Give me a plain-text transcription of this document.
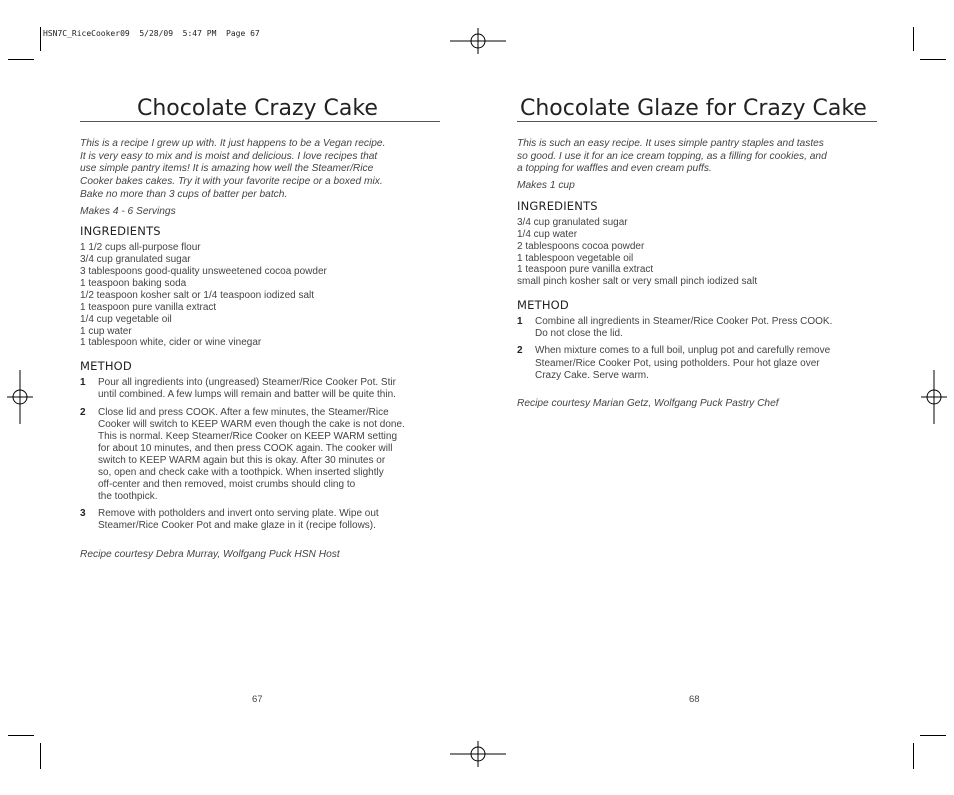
HSN7C_RiceCooker09  5/28/09  5:47 PM  Page 67
Chocolate Crazy Cake
This is a recipe I grew up with. It just happens to be a Vegan recipe.
It is very easy to mix and is moist and delicious. I love recipes that
use simple pantry items! It is amazing how well the Steamer/Rice
Cooker bakes cakes. Try it with your favorite recipe or a boxed mix.
Bake no more than 3 cups of batter per batch.
Makes 4 - 6 Servings
INGREDIENTS
1 1/2 cups all-purpose flour
3/4 cup granulated sugar
3 tablespoons good-quality unsweetened cocoa powder
1 teaspoon baking soda
1/2 teaspoon kosher salt or 1/4 teaspoon iodized salt
1 teaspoon pure vanilla extract
1/4 cup vegetable oil
1 cup water
1 tablespoon white, cider or wine vinegar
METHOD
1 Pour all ingredients into (ungreased) Steamer/Rice Cooker Pot. Stir
until combined. A few lumps will remain and batter will be quite thin.
2 Close lid and press COOK. After a few minutes, the Steamer/Rice
Cooker will switch to KEEP WARM even though the cake is not done.
This is normal. Keep Steamer/Rice Cooker on KEEP WARM setting
for about 10 minutes, and then press COOK again. The cooker will
switch to KEEP WARM again but this is okay. After 30 minutes or
so, open and check cake with a toothpick. When inserted slightly
off-center and then removed, moist crumbs should cling to
the toothpick.
3 Remove with potholders and invert onto serving plate. Wipe out
Steamer/Rice Cooker Pot and make glaze in it (recipe follows).
Recipe courtesy Debra Murray, Wolfgang Puck HSN Host
67
Chocolate Glaze for Crazy Cake
This is such an easy recipe. It uses simple pantry staples and tastes
so good. I use it for an ice cream topping, as a filling for cookies, and
a topping for waffles and even cream puffs.
Makes 1 cup
INGREDIENTS
3/4 cup granulated sugar
1/4 cup water
2 tablespoons cocoa powder
1 tablespoon vegetable oil
1 teaspoon pure vanilla extract
small pinch kosher salt or very small pinch iodized salt
METHOD
1 Combine all ingredients in Steamer/Rice Cooker Pot. Press COOK.
Do not close the lid.
2 When mixture comes to a full boil, unplug pot and carefully remove
Steamer/Rice Cooker Pot, using potholders. Pour hot glaze over
Crazy Cake. Serve warm.
Recipe courtesy Marian Getz, Wolfgang Puck Pastry Chef
68
